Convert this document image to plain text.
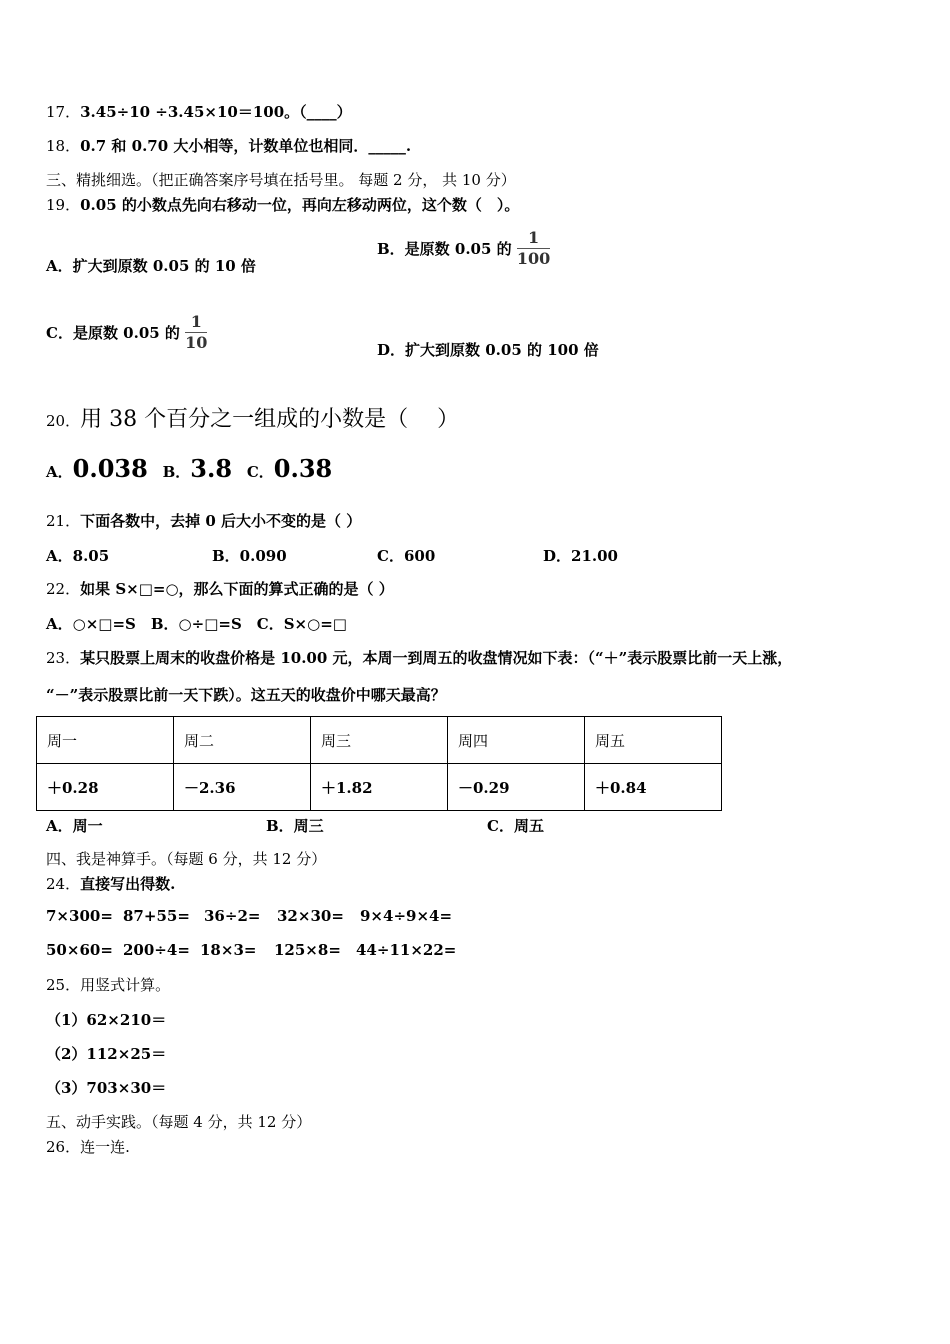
17．3.45÷10 ÷3.45×10＝100。（____）
18．0.7 和 0.70 大小相等，计数单位也相同．_____.
三、精挑细选。（把正确答案序号填在括号里。 每题 2 分， 共 10 分）
19．0.05 的小数点先向右移动一位，再向左移动两位，这个数（　）。
A．扩大到原数 0.05 的 10 倍
B．是原数 0.05 的 $\frac{1}{100}$
C．是原数 0.05 的 $\frac{1}{10}$	D．扩大到原数 0.05 的 100 倍
20．用 38 个百分之一组成的小数是（　 ）
A．0.038 B．3.8 C．0.38
21．下面各数中，去掉 0 后大小不变的是（ ）
A．8.05	B．0.090	C．600	D．21.00
22．如果 S×□=○，那么下面的算式正确的是（ ）
A．○×□=S　B．○÷□=S　C．S×○=□
23．某只股票上周末的收盘价格是 10.00 元，本周一到周五的收盘情况如下表：（“＋”表示股票比前一天上涨，
“－”表示股票比前一天下跌）。这五天的收盘价中哪天最高？
周一	周二	周三	周四	周五
＋0.28	－2.36	＋1.82	－0.29	＋0.84
A．周一	B．周三	C．周五
四、我是神算手。（每题 6 分，共 12 分）
24．直接写出得数.
7×300= 87+55= 36÷2= 32×30= 9×4÷9×4=
50×60= 200÷4= 18×3= 125×8= 44÷11×22=
25．用竖式计算。
（1）62×210＝
（2）112×25＝
（3）703×30＝
五、动手实践。（每题 4 分，共 12 分）
26．连一连.
